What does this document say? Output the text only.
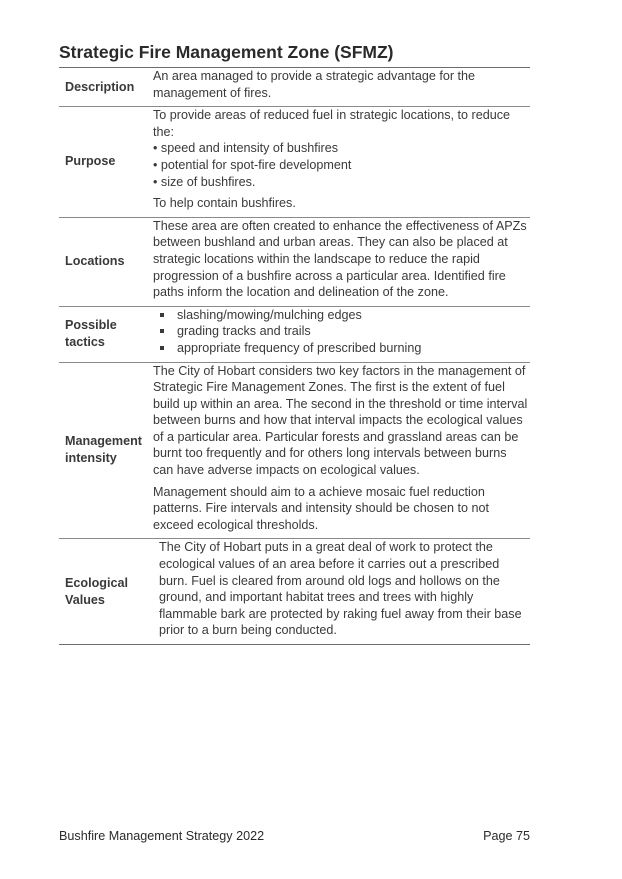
Strategic Fire Management Zone (SFMZ)
Description

An area managed to provide a strategic advantage for the management of fires.

Purpose

To provide areas of reduced fuel in strategic locations, to reduce the:

• speed and intensity of bushfires
• potential for spot-fire development
• size of bushfires.

To help contain bushfires.

Locations

These area are often created to enhance the effectiveness of APZs between bushland and urban areas. They can also be placed at strategic locations within the landscape to reduce the rapid progression of a bushfire across a particular area. Identified fire paths inform the location and delineation of the zone.

Possible tactics
slashing/mowing/mulching edges
grading tracks and trails
appropriate frequency of prescribed burning
Management intensity

The City of Hobart considers two key factors in the management of Strategic Fire Management Zones. The first is the extent of fuel build up within an area. The second in the threshold or time interval between burns and how that interval impacts the ecological values of a particular area. Particular forests and grassland areas can be burnt too frequently and for others long intervals between burns can have adverse impacts on ecological values.

Management should aim to a achieve mosaic fuel reduction patterns. Fire intervals and intensity should be chosen to not exceed ecological thresholds.

Ecological Values

The City of Hobart puts in a great deal of work to protect the ecological values of an area before it carries out a prescribed burn. Fuel is cleared from around old logs and hollows on the ground, and important habitat trees and trees with highly flammable bark are protected by raking fuel away from their base prior to a burn being conducted.

Bushfire Management Strategy 2022	Page 75
